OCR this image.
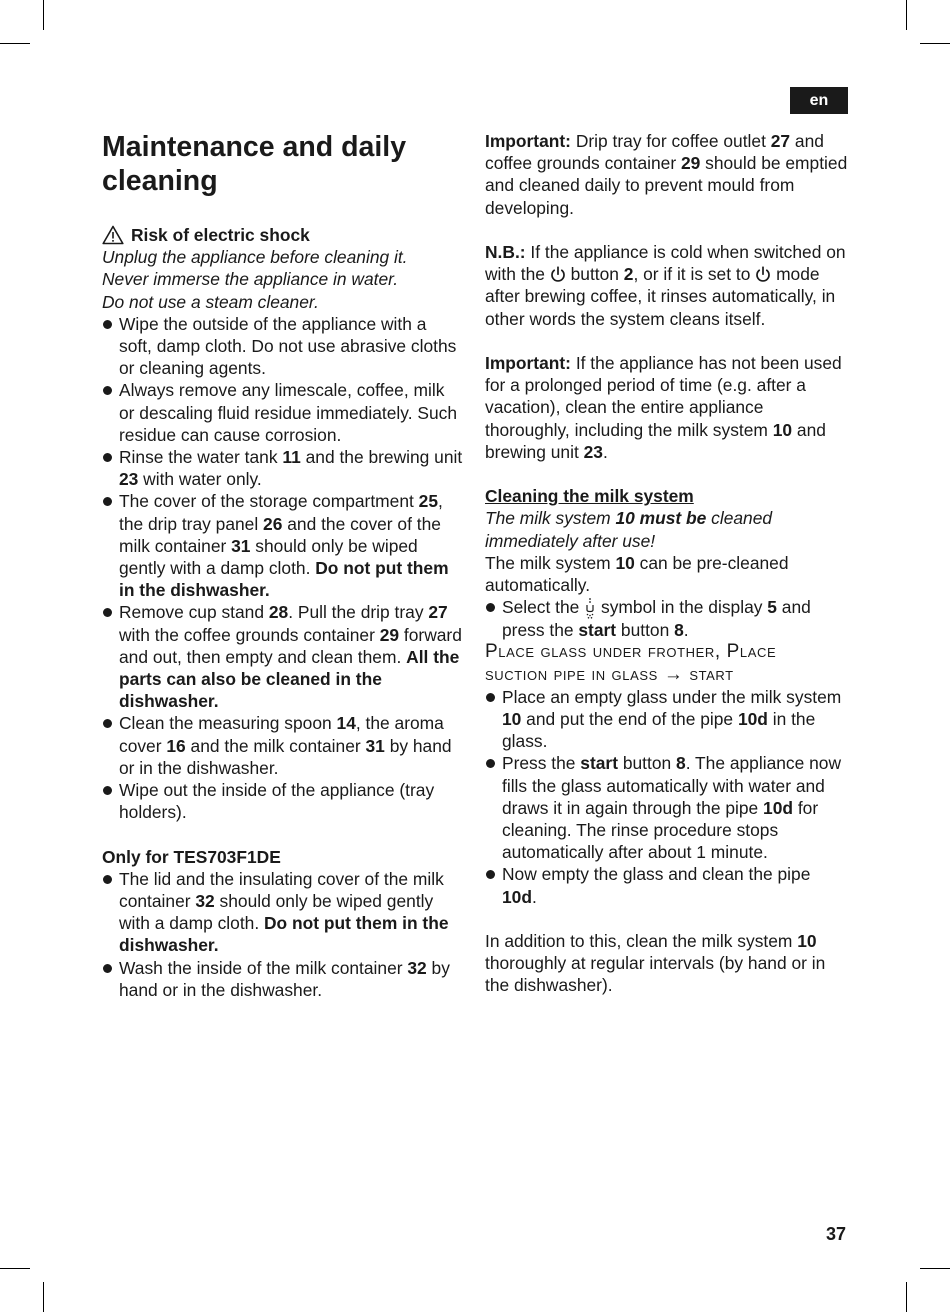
en
Maintenance and daily cleaning
Risk of electric shock
Unplug the appliance before cleaning it.
Never immerse the appliance in water.
Do not use a steam cleaner.
Wipe the outside of the appliance with a soft, damp cloth. Do not use abrasive cloths or cleaning agents.
Always remove any limescale, coffee, milk or descaling fluid residue immediately. Such residue can cause corrosion.
Rinse the water tank 11 and the brewing unit 23 with water only.
The cover of the storage compartment 25, the drip tray panel 26 and the cover of the milk container 31 should only be wiped gently with a damp cloth. Do not put them in the dishwasher.
Remove cup stand 28. Pull the drip tray 27 with the coffee grounds container 29 forward and out, then empty and clean them. All the parts can also be cleaned in the dishwasher.
Clean the measuring spoon 14, the aroma cover 16 and the milk container 31 by hand or in the dishwasher.
Wipe out the inside of the appliance (tray holders).
Only for TES703F1DE
The lid and the insulating cover of the milk container 32 should only be wiped gently with a damp cloth. Do not put them in the dishwasher.
Wash the inside of the milk container 32 by hand or in the dishwasher.

Important: Drip tray for coffee outlet 27 and coffee grounds container 29 should be emptied and cleaned daily to prevent mould from developing.

N.B.: If the appliance is cold when switched on with the  button 2, or if it is set to  mode after brewing coffee, it rinses automatically, in other words the system cleans itself.

Important: If the appliance has not been used for a prolonged period of time (e.g. after a vacation), clean the entire appliance thoroughly, including the milk system 10 and brewing unit 23.

Cleaning the milk system

The milk system 10 must be cleaned immediately after use!

The milk system 10 can be pre-cleaned automatically.

Select the  symbol in the display 5 and press the start button 8.
Place glass under frother, Place
suction pipe in glass → start
Place an empty glass under the milk system 10 and put the end of the pipe 10d in the glass.
Press the start button 8. The appliance now fills the glass automatically with water and draws it in again through the pipe 10d for cleaning. The rinse procedure stops automatically after about 1 minute.
Now empty the glass and clean the pipe 10d.

In addition to this, clean the milk system 10 thoroughly at regular intervals (by hand or in the dishwasher).

37
